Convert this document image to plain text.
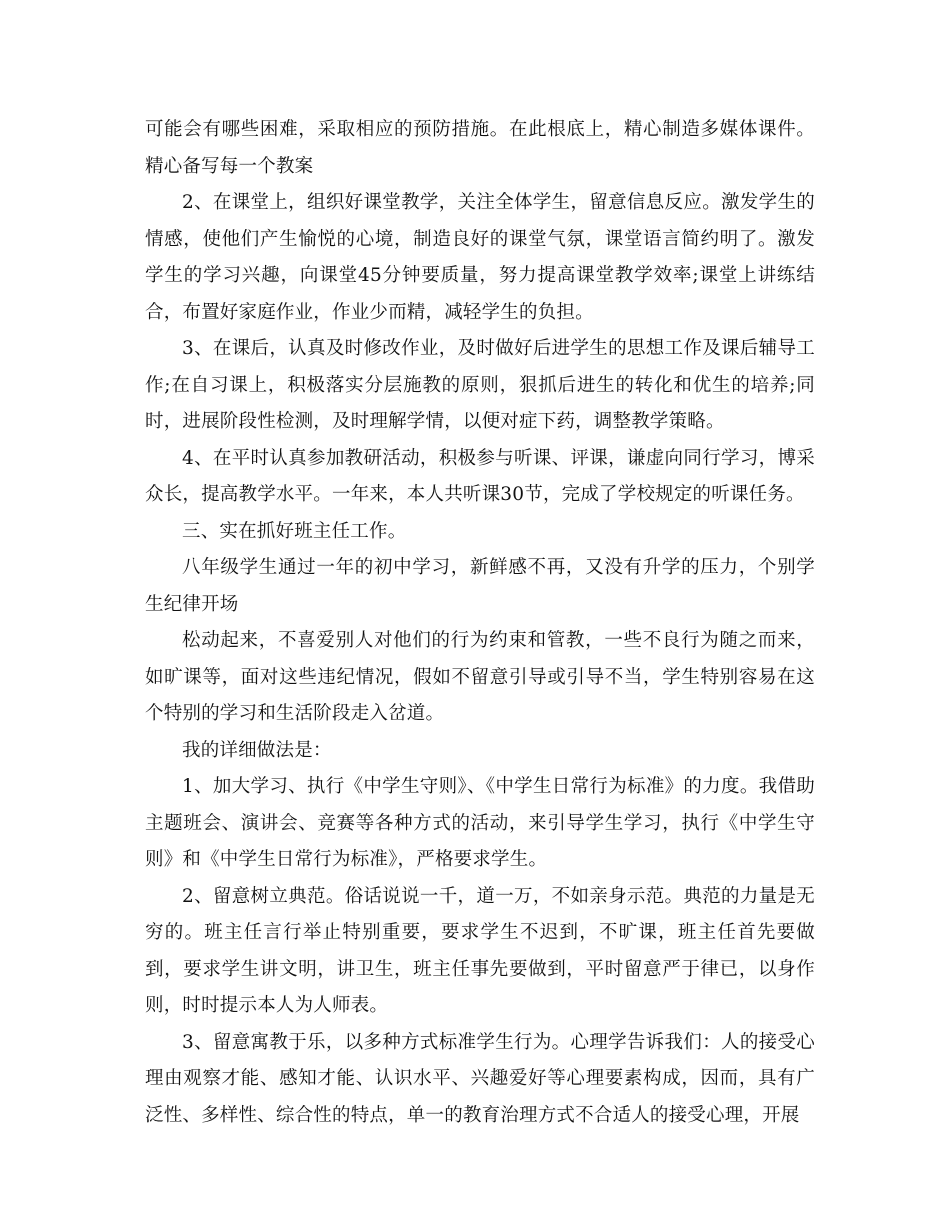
可能会有哪些困难，采取相应的预防措施。在此根底上，精心制造多媒体课件。精心备写每一个教案

2、在课堂上，组织好课堂教学，关注全体学生，留意信息反应。激发学生的情感，使他们产生愉悦的心境，制造良好的课堂气氛，课堂语言简约明了。激发学生的学习兴趣，向课堂45分钟要质量，努力提高课堂教学效率;课堂上讲练结合，布置好家庭作业，作业少而精，减轻学生的负担。

3、在课后，认真及时修改作业，及时做好后进学生的思想工作及课后辅导工作;在自习课上，积极落实分层施教的原则，狠抓后进生的转化和优生的培养;同时，进展阶段性检测，及时理解学情，以便对症下药，调整教学策略。

4、在平时认真参加教研活动，积极参与听课、评课，谦虚向同行学习，博采众长，提高教学水平。一年来，本人共听课30节，完成了学校规定的听课任务。

三、实在抓好班主任工作。

八年级学生通过一年的初中学习，新鲜感不再，又没有升学的压力，个别学生纪律开场

松动起来，不喜爱别人对他们的行为约束和管教，一些不良行为随之而来，如旷课等，面对这些违纪情况，假如不留意引导或引导不当，学生特别容易在这个特别的学习和生活阶段走入岔道。

我的详细做法是：

1、加大学习、执行《中学生守则》、《中学生日常行为标准》的力度。我借助主题班会、演讲会、竞赛等各种方式的活动，来引导学生学习，执行《中学生守则》和《中学生日常行为标准》，严格要求学生。

2、留意树立典范。俗话说说一千，道一万，不如亲身示范。典范的力量是无穷的。班主任言行举止特别重要，要求学生不迟到，不旷课，班主任首先要做到，要求学生讲文明，讲卫生，班主任事先要做到，平时留意严于律已，以身作则，时时提示本人为人师表。

3、留意寓教于乐，以多种方式标准学生行为。心理学告诉我们：人的接受心理由观察才能、感知才能、认识水平、兴趣爱好等心理要素构成，因而，具有广泛性、多样性、综合性的特点，单一的教育治理方式不合适人的接受心理，开展
